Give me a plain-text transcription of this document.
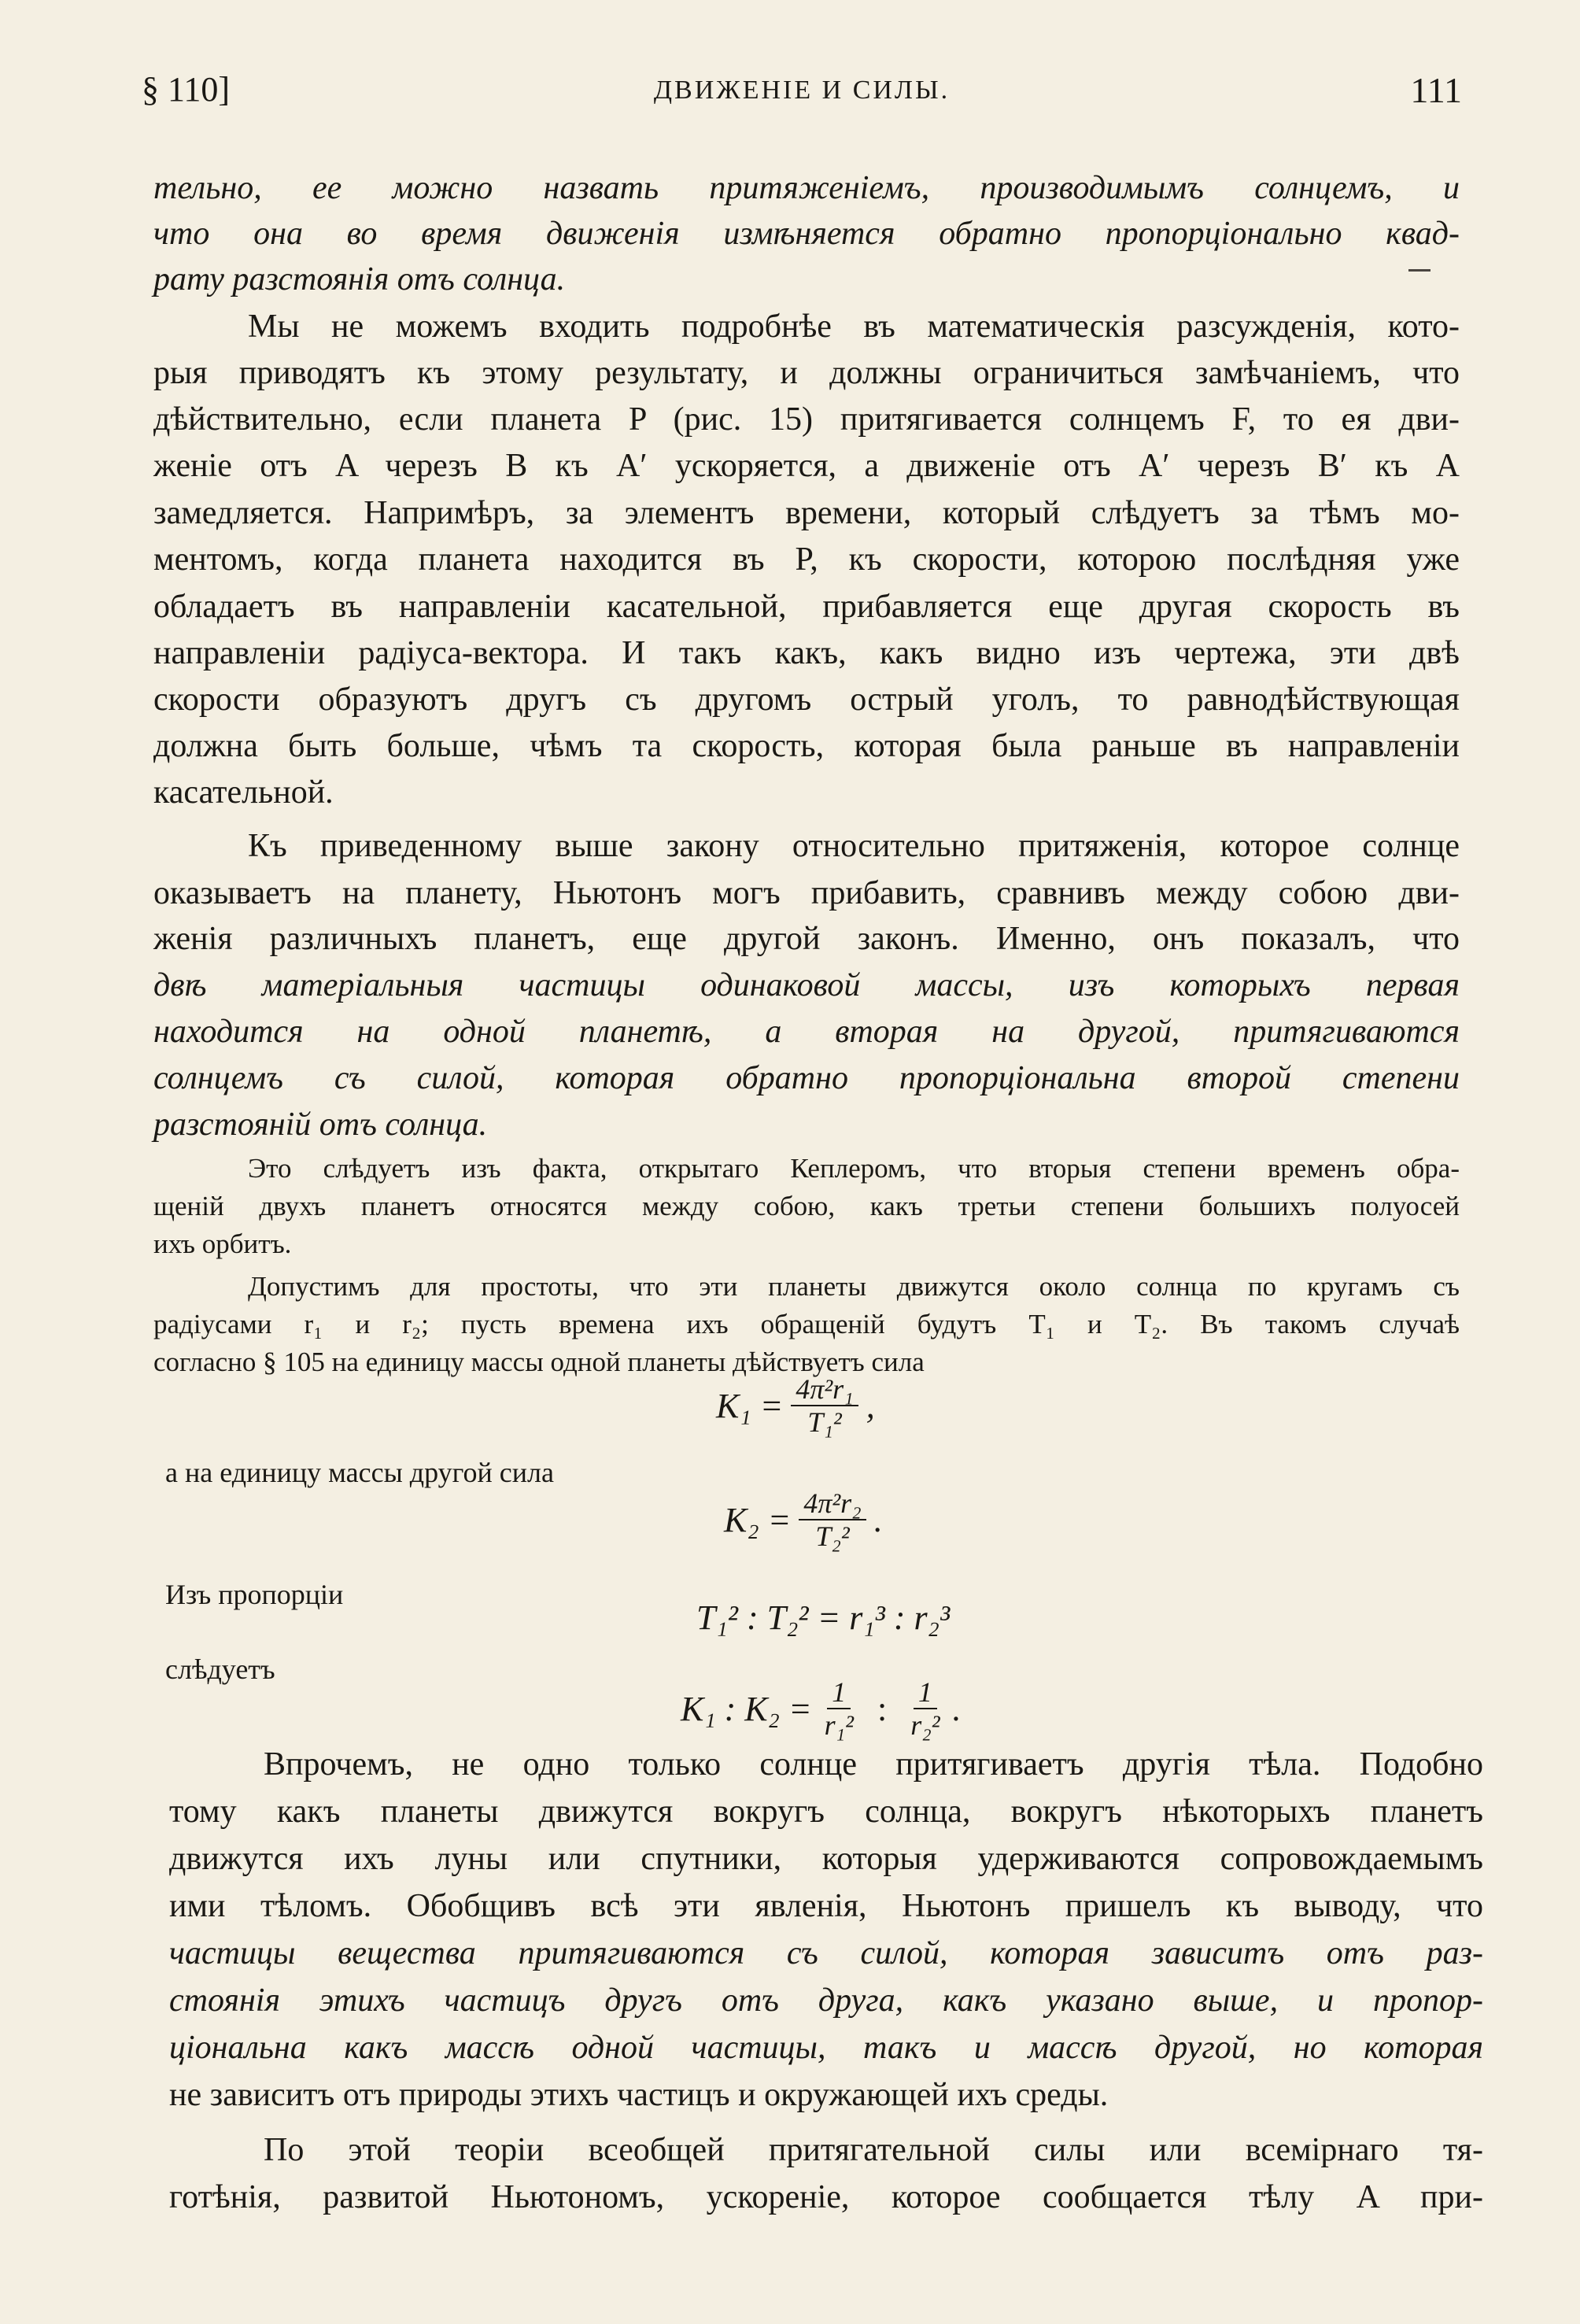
§ 110]	ДВИЖЕНІЕ И СИЛЫ.	111
тельно, ее можно назвать притяженіемъ, производимымъ солнцемъ, и
что она во время движенія измѣняется обратно пропорціонально квад-
рату разстоянія отъ солнца.
Мы не можемъ входить подробнѣе въ математическія разсужденія, кото-
рыя приводятъ къ этому результату, и должны ограничиться замѣчаніемъ, что
дѣйствительно, если планета P (рис. 15) притягивается солнцемъ F, то ея дви-
женіе отъ A черезъ B къ A′ ускоряется, а движеніе отъ A′ черезъ B′ къ A
замедляется. Напримѣръ, за элементъ времени, который слѣдуетъ за тѣмъ мо-
ментомъ, когда планета находится въ P, къ скорости, которою послѣдняя уже
обладаетъ въ направленіи касательной, прибавляется еще другая скорость въ
направленіи радіуса-вектора. И такъ какъ, какъ видно изъ чертежа, эти двѣ
скорости образуютъ другъ съ другомъ острый уголъ, то равнодѣйствующая
должна быть больше, чѣмъ та скорость, которая была раньше въ направленіи
касательной.
Къ приведенному выше закону относительно притяженія, которое солнце
оказываетъ на планету, Ньютонъ могъ прибавить, сравнивъ между собою дви-
женія различныхъ планетъ, еще другой законъ. Именно, онъ показалъ, что
двѣ матеріальныя частицы одинаковой массы, изъ которыхъ первая
находится на одной планетѣ, а вторая на другой, притягиваются
солнцемъ съ силой, которая обратно пропорціональна второй степени
разстояній отъ солнца.
Это слѣдуетъ изъ факта, открытаго Кеплеромъ, что вторыя степени временъ обра-
щеній двухъ планетъ относятся между собою, какъ третьи степени большихъ полуосей
ихъ орбитъ.
Допустимъ для простоты, что эти планеты движутся около солнца по кругамъ съ
радіусами r₁ и r₂; пусть времена ихъ обращеній будутъ T₁ и T₂. Въ такомъ случаѣ
согласно § 105 на единицу массы одной планеты дѣйствуетъ сила
$K_1 = \frac{\text{4π²r₁}}{\text{T₁²}}$ ,
а на единицу массы другой сила
$K_2 = \frac{\text{4π²r₂}}{\text{T₂²}}$ .
Изъ пропорціи
T₁² : T₂² = r₁³ : r₂³
слѣдуетъ
K₁ : $K_2 = \frac{1}{\text{r₁²}}$ : $\frac{1}{\text{r₂²}}$ .
Впрочемъ, не одно только солнце притягиваетъ другія тѣла. Подобно
тому какъ планеты движутся вокругъ солнца, вокругъ нѣкоторыхъ планетъ
движутся ихъ луны или спутники, которыя удерживаются сопровождаемымъ
ими тѣломъ. Обобщивъ всѣ эти явленія, Ньютонъ пришелъ къ выводу, что
частицы вещества притягиваются съ силой, которая зависитъ отъ раз-
стоянія этихъ частицъ другъ отъ друга, какъ указано выше, и пропор-
ціональна какъ массѣ одной частицы, такъ и массѣ другой, но которая
не зависитъ отъ природы этихъ частицъ и окружающей ихъ среды.
По этой теоріи всеобщей притягательной силы или всемірнаго тя-
готѣнія, развитой Ньютономъ, ускореніе, которое сообщается тѣлу A при-
